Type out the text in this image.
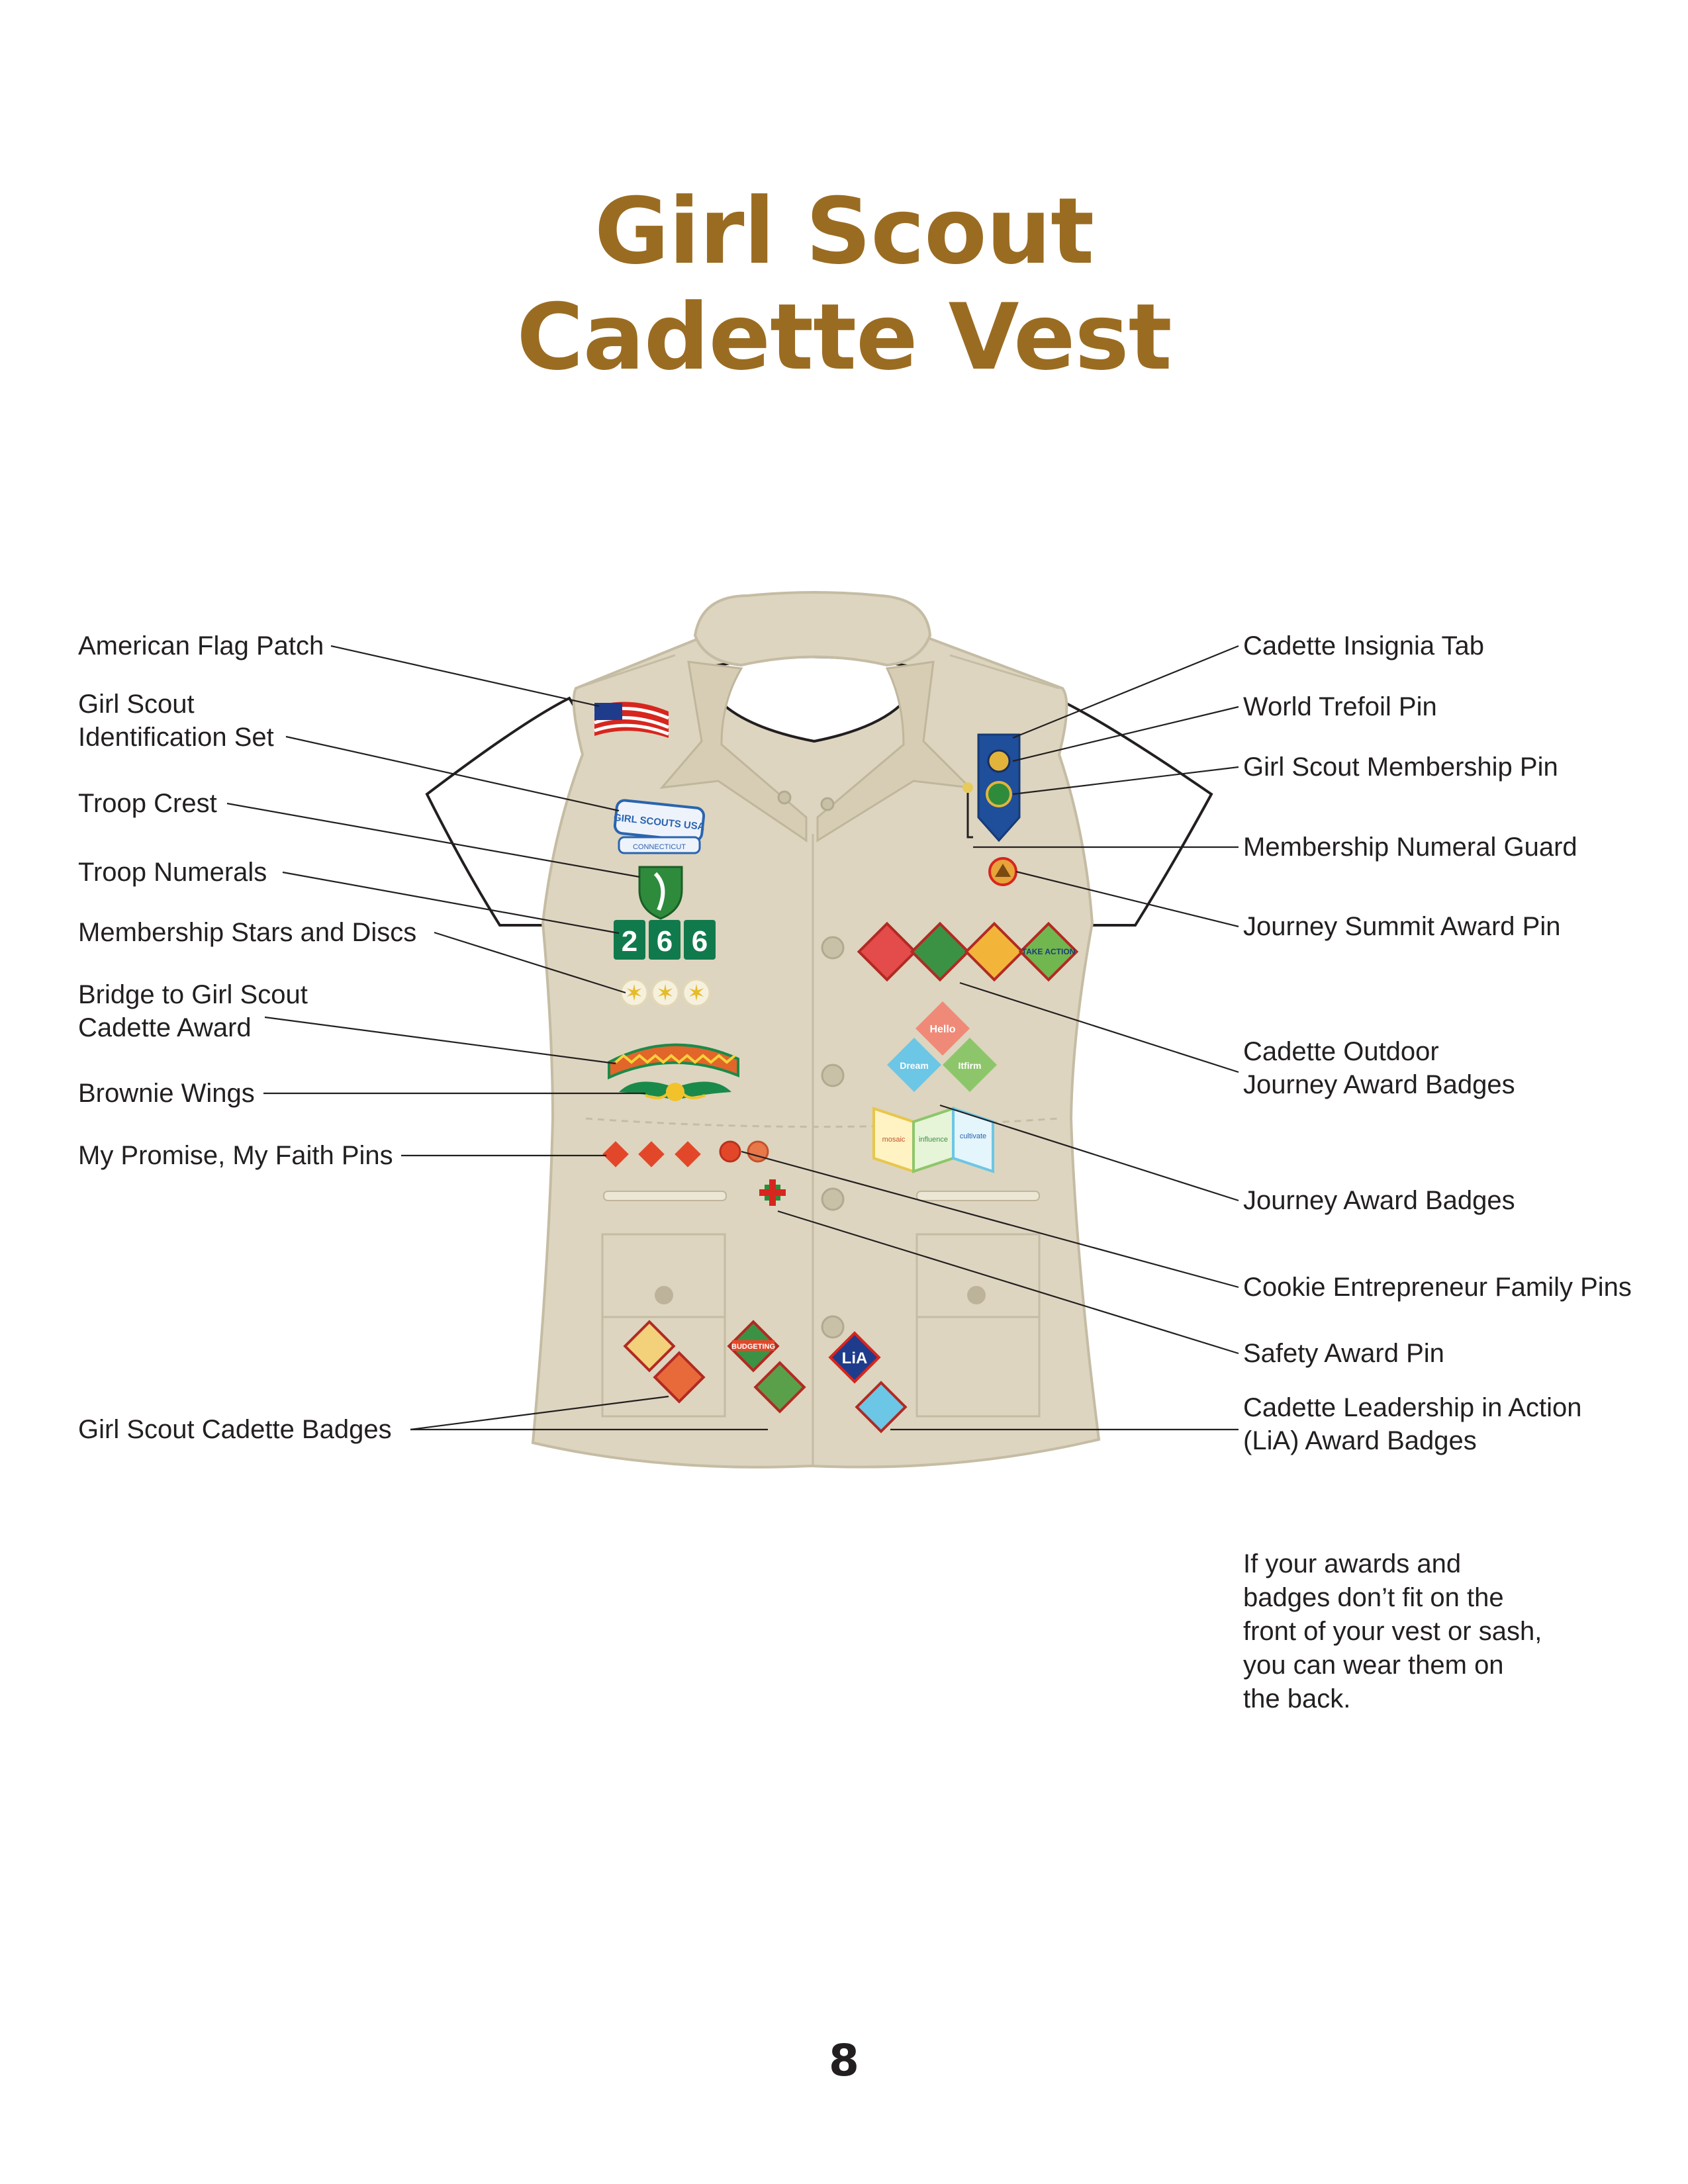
Girl Scout
Cadette Vest
GIRL SCOUTS USA
CONNECTICUT
2 6 6
✶ ✶ ✶
TAKE ACTION
Hello
Dream	Itfirm
mosaic influence cultivate
BUDGETING
LiA
American Flag Patch
Girl Scout
Identification Set
Troop Crest
Troop Numerals
Membership Stars and Discs
Bridge to Girl Scout
Cadette Award
Brownie Wings
My Promise, My Faith Pins
Girl Scout Cadette Badges
Cadette Insignia Tab
World Trefoil Pin
Girl Scout Membership Pin
Membership Numeral Guard
Journey Summit Award Pin
Cadette Outdoor
Journey Award Badges
Journey Award Badges
Cookie Entrepreneur Family Pins
Safety Award Pin
Cadette Leadership in Action
(LiA) Award Badges
If your awards and
badges don’t fit on the
front of your vest or sash,
you can wear them on
the back.
8
